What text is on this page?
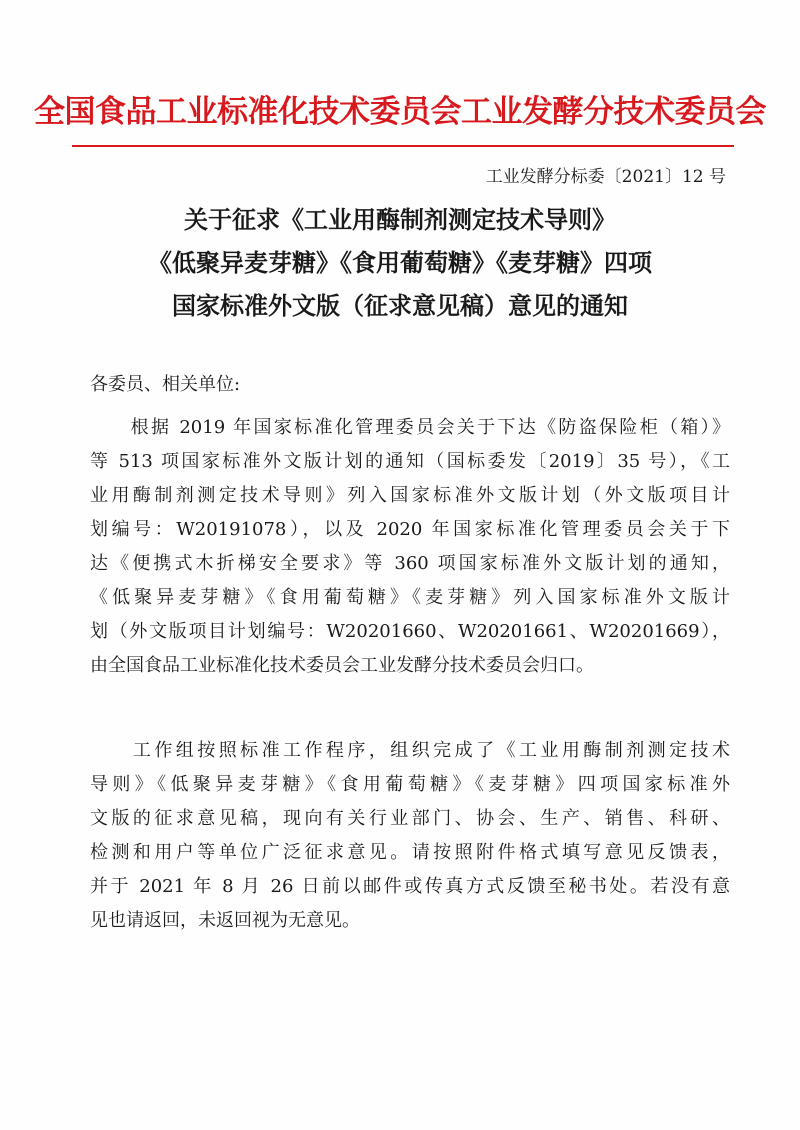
全国食品工业标准化技术委员会工业发酵分技术委员会
工业发酵分标委〔2021〕12 号
关于征求《工业用酶制剂测定技术导则》
《低聚异麦芽糖》《食用葡萄糖》《麦芽糖》四项
国家标准外文版（征求意见稿）意见的通知
各委员、相关单位:
　　根据 2019 年国家标准化管理委员会关于下达《防盗保险柜（箱）》
等 513 项国家标准外文版计划的通知（国标委发〔2019〕35 号），《工
业用酶制剂测定技术导则》列入国家标准外文版计划（外文版项目计
划编号：W20191078），以及 2020 年国家标准化管理委员会关于下
达《便携式木折梯安全要求》等 360 项国家标准外文版计划的通知，
《低聚异麦芽糖》《食用葡萄糖》《麦芽糖》列入国家标准外文版计
划（外文版项目计划编号：W20201660、W20201661、W20201669），
由全国食品工业标准化技术委员会工业发酵分技术委员会归口。
　　工作组按照标准工作程序，组织完成了《工业用酶制剂测定技术
导则》《低聚异麦芽糖》《食用葡萄糖》《麦芽糖》四项国家标准外
文版的征求意见稿，现向有关行业部门、协会、生产、销售、科研、
检测和用户等单位广泛征求意见。请按照附件格式填写意见反馈表，
并于 2021 年 8 月 26 日前以邮件或传真方式反馈至秘书处。若没有意
见也请返回，未返回视为无意见。
